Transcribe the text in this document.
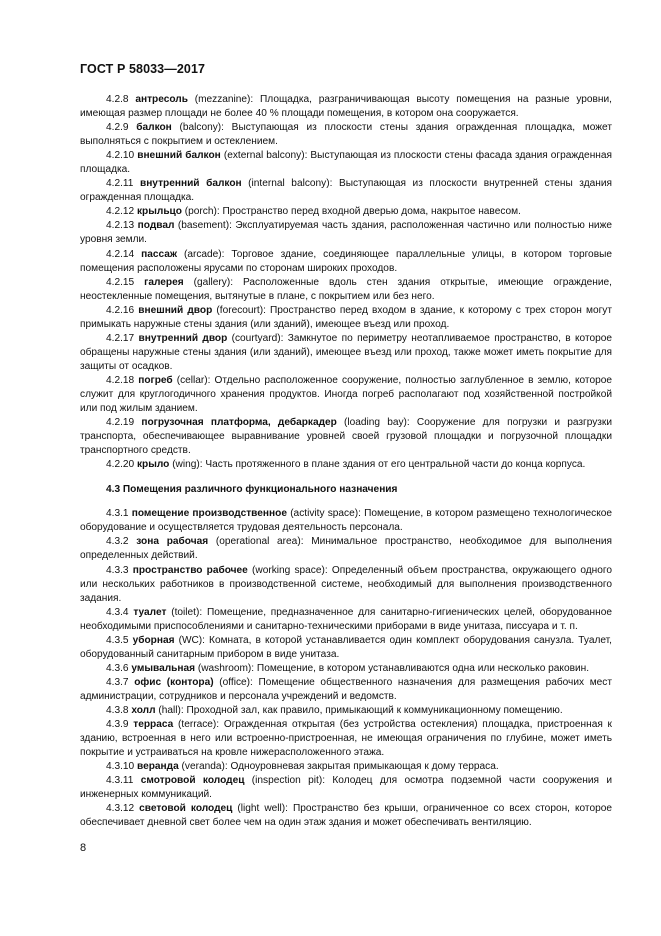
ГОСТ Р 58033—2017

4.2.8 антресоль (mezzanine): Площадка, разграничивающая высоту помещения на разные уровни, имеющая размер площади не более 40 % площади помещения, в котором она сооружается.

4.2.9 балкон (balcony): Выступающая из плоскости стены здания огражденная площадка, может выполняться с покрытием и остеклением.

4.2.10 внешний балкон (external balcony): Выступающая из плоскости стены фасада здания огражденная площадка.

4.2.11 внутренний балкон (internal balcony): Выступающая из плоскости внутренней стены здания огражденная площадка.

4.2.12 крыльцо (porch): Пространство перед входной дверью дома, накрытое навесом.

4.2.13 подвал (basement): Эксплуатируемая часть здания, расположенная частично или полностью ниже уровня земли.

4.2.14 пассаж (arcade): Торговое здание, соединяющее параллельные улицы, в котором торговые помещения расположены ярусами по сторонам широких проходов.

4.2.15 галерея (gallery): Расположенные вдоль стен здания открытые, имеющие ограждение, неостекленные помещения, вытянутые в плане, с покрытием или без него.

4.2.16 внешний двор (forecourt): Пространство перед входом в здание, к которому с трех сторон могут примыкать наружные стены здания (или зданий), имеющее въезд или проход.

4.2.17 внутренний двор (courtyard): Замкнутое по периметру неотапливаемое пространство, в которое обращены наружные стены здания (или зданий), имеющее въезд или проход, также может иметь покрытие для защиты от осадков.

4.2.18 погреб (cellar): Отдельно расположенное сооружение, полностью заглубленное в землю, которое служит для круглогодичного хранения продуктов. Иногда погреб располагают под хозяйственной постройкой или под жилым зданием.

4.2.19 погрузочная платформа, дебаркадер (loading bay): Сооружение для погрузки и разгрузки транспорта, обеспечивающее выравнивание уровней своей грузовой площадки и погрузочной площадки транспортного средств.

4.2.20 крыло (wing): Часть протяженного в плане здания от его центральной части до конца корпуса.

4.3 Помещения различного функционального назначения

4.3.1 помещение производственное (activity space): Помещение, в котором размещено технологическое оборудование и осуществляется трудовая деятельность персонала.

4.3.2 зона рабочая (operational area): Минимальное пространство, необходимое для выполнения определенных действий.

4.3.3 пространство рабочее (working space): Определенный объем пространства, окружающего одного или нескольких работников в производственной системе, необходимый для выполнения производственного задания.

4.3.4 туалет (toilet): Помещение, предназначенное для санитарно-гигиенических целей, оборудованное необходимыми приспособлениями и санитарно-техническими приборами в виде унитаза, писсуара и т. п.

4.3.5 уборная (WC): Комната, в которой устанавливается один комплект оборудования санузла. Туалет, оборудованный санитарным прибором в виде унитаза.

4.3.6 умывальная (washroom): Помещение, в котором устанавливаются одна или несколько раковин.

4.3.7 офис (контора) (office): Помещение общественного назначения для размещения рабочих мест администрации, сотрудников и персонала учреждений и ведомств.

4.3.8 холл (hall): Проходной зал, как правило, примыкающий к коммуникационному помещению.

4.3.9 терраса (terrace): Огражденная открытая (без устройства остекления) площадка, пристроенная к зданию, встроенная в него или встроенно-пристроенная, не имеющая ограничения по глубине, может иметь покрытие и устраиваться на кровле нижерасположенного этажа.

4.3.10 веранда (veranda): Одноуровневая закрытая примыкающая к дому терраса.

4.3.11 смотровой колодец (inspection pit): Колодец для осмотра подземной части сооружения и инженерных коммуникаций.

4.3.12 световой колодец (light well): Пространство без крыши, ограниченное со всех сторон, которое обеспечивает дневной свет более чем на один этаж здания и может обеспечивать вентиляцию.

8
